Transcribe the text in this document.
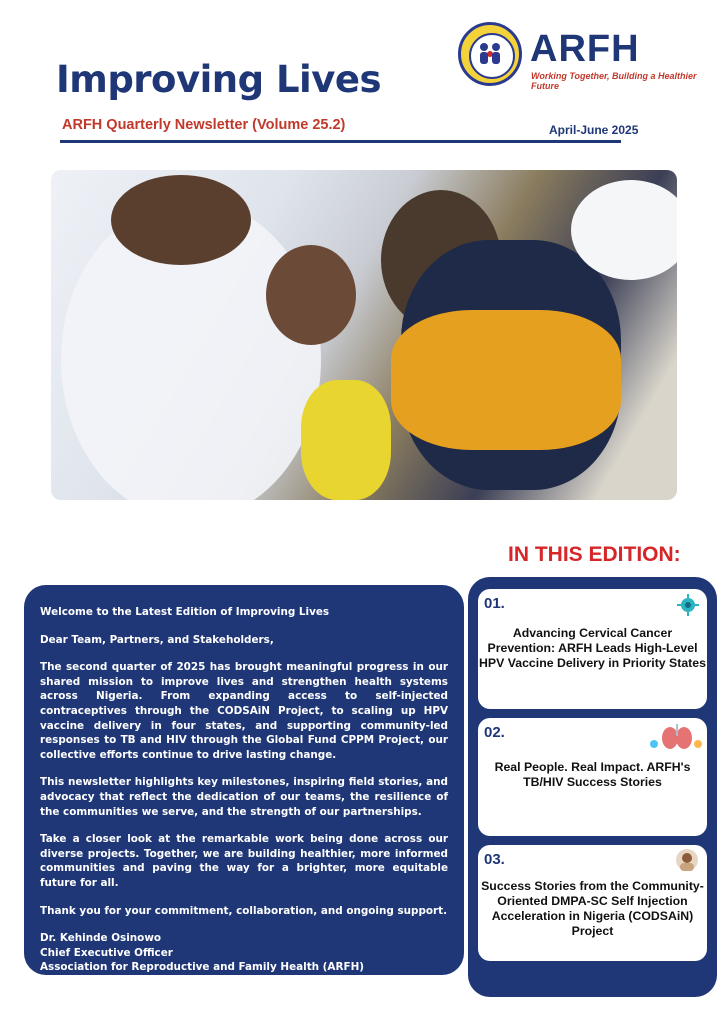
Improving Lives
ARFH Quarterly Newsletter (Volume 25.2)	April-June 2025
ARFH
Working Together, Building a Healthier Future
IN THIS EDITION:

Welcome to the Latest Edition of Improving Lives

Dear Team, Partners, and Stakeholders,

The second quarter of 2025 has brought meaningful progress in our shared mission to improve lives and strengthen health systems across Nigeria. From expanding access to self-injected contraceptives through the CODSAiN Project, to scaling up HPV vaccine delivery in four states, and supporting community-led responses to TB and HIV through the Global Fund CPPM Project, our collective efforts continue to drive lasting change.

This newsletter highlights key milestones, inspiring field stories, and advocacy that reflect the dedication of our teams, the resilience of the communities we serve, and the strength of our partnerships.

Take a closer look at the remarkable work being done across our diverse projects. Together, we are building healthier, more informed communities and paving the way for a brighter, more equitable future for all.

Thank you for your commitment, collaboration, and ongoing support.

Dr. Kehinde Osinowo

Chief Executive Officer

Association for Reproductive and Family Health (ARFH)

01.
Advancing Cervical Cancer Prevention: ARFH Leads High-Level HPV Vaccine Delivery in Priority States
02.
Real People. Real Impact. ARFH's TB/HIV Success Stories
03.
Success Stories from the Community-Oriented DMPA-SC Self Injection Acceleration in Nigeria (CODSAiN) Project
